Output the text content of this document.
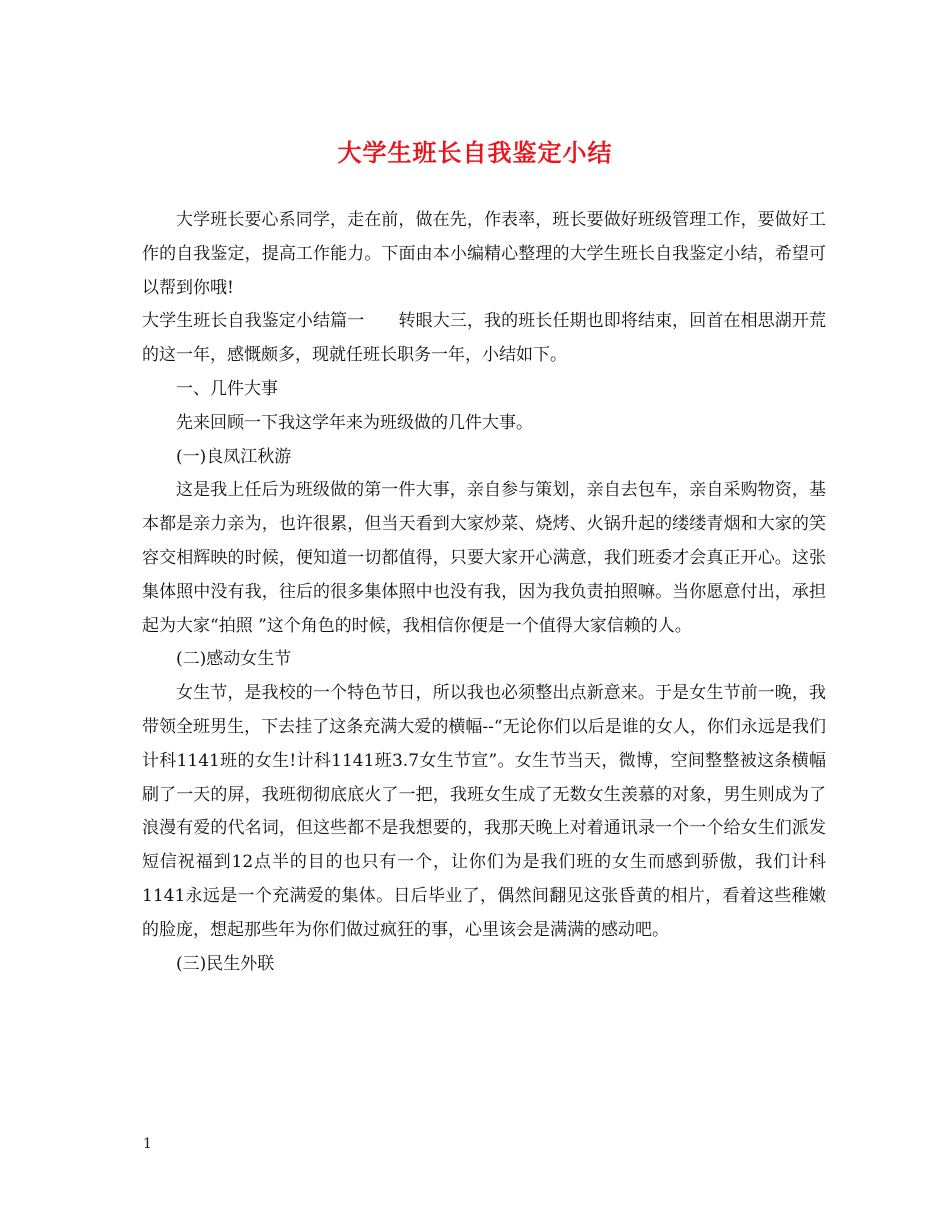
大学生班长自我鉴定小结

大学班长要心系同学，走在前，做在先，作表率，班长要做好班级管理工作，要做好工作的自我鉴定，提高工作能力。下面由本小编精心整理的大学生班长自我鉴定小结，希望可以帮到你哦!

大学生班长自我鉴定小结篇一　　转眼大三，我的班长任期也即将结束，回首在相思湖开荒的这一年，感慨颇多，现就任班长职务一年，小结如下。

一、几件大事

先来回顾一下我这学年来为班级做的几件大事。

(一)良凤江秋游

这是我上任后为班级做的第一件大事，亲自参与策划，亲自去包车，亲自采购物资，基本都是亲力亲为，也许很累，但当天看到大家炒菜、烧烤、火锅升起的缕缕青烟和大家的笑容交相辉映的时候，便知道一切都值得，只要大家开心满意，我们班委才会真正开心。这张集体照中没有我，往后的很多集体照中也没有我，因为我负责拍照嘛。当你愿意付出，承担起为大家“拍照 ”这个角色的时候，我相信你便是一个值得大家信赖的人。

(二)感动女生节

女生节，是我校的一个特色节日，所以我也必须整出点新意来。于是女生节前一晚，我带领全班男生，下去挂了这条充满大爱的横幅--“无论你们以后是谁的女人，你们永远是我们计科1141班的女生!计科1141班3.7女生节宣”。女生节当天，微博，空间整整被这条横幅刷了一天的屏，我班彻彻底底火了一把，我班女生成了无数女生羡慕的对象，男生则成为了浪漫有爱的代名词，但这些都不是我想要的，我那天晚上对着通讯录一个一个给女生们派发短信祝福到12点半的目的也只有一个，让你们为是我们班的女生而感到骄傲，我们计科1141永远是一个充满爱的集体。日后毕业了，偶然间翻见这张昏黄的相片，看着这些稚嫩的脸庞，想起那些年为你们做过疯狂的事，心里该会是满满的感动吧。

(三)民生外联

1
